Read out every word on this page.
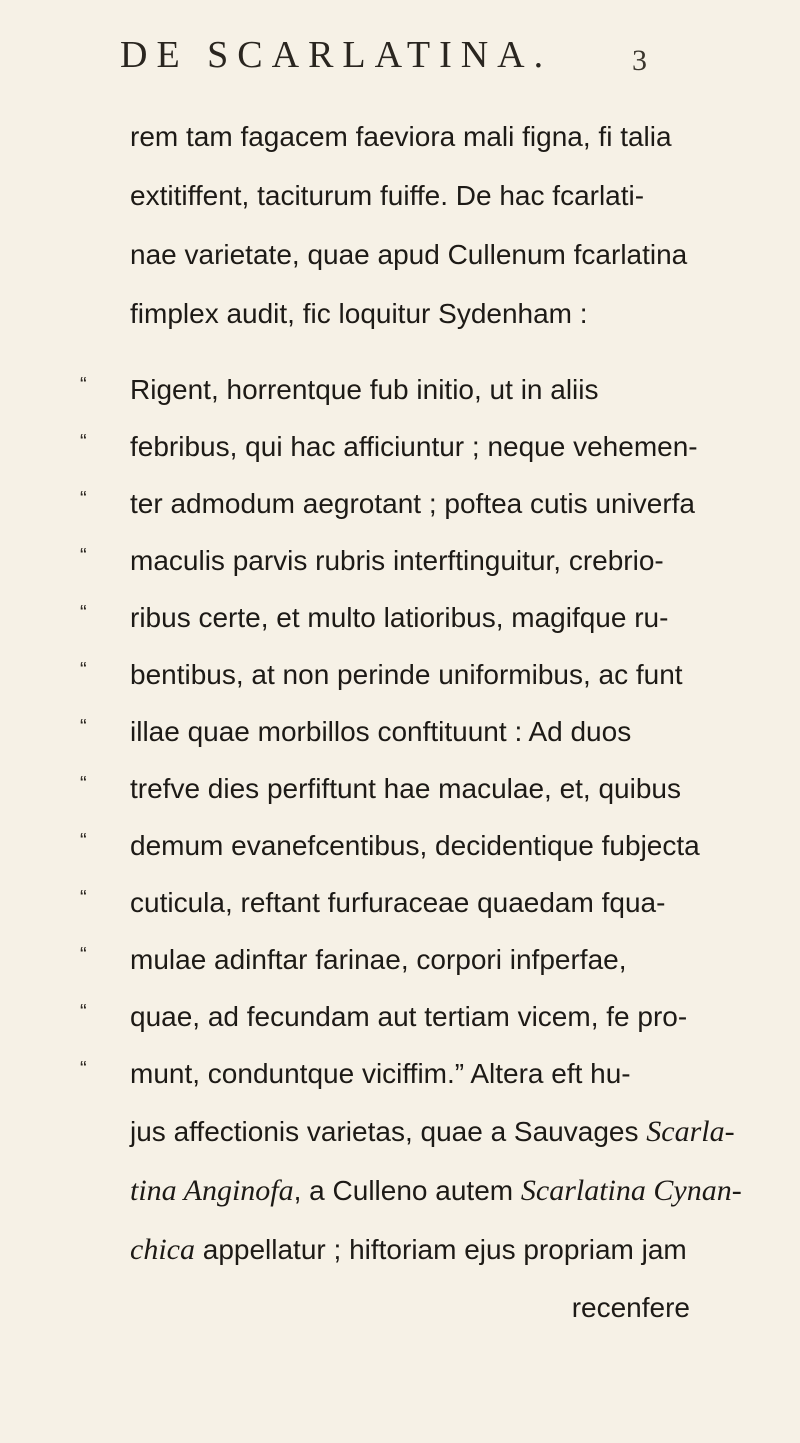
DE SCARLATINA.	3
rem tam fagacem faeviora mali figna, fi talia
extitiffent, taciturum fuiffe. De hac fcarlati-
nae varietate, quae apud Cullenum fcarlatina
fimplex audit, fic loquitur Sydenham :
“ Rigent, horrentque fub initio, ut in aliis
“ febribus, qui hac afficiuntur ; neque vehemen-
“ ter admodum aegrotant ; poftea cutis univerfa
“ maculis parvis rubris interftinguitur, crebrio-
“ ribus certe, et multo latioribus, magifque ru-
“ bentibus, at non perinde uniformibus, ac funt
“ illae quae morbillos conftituunt : Ad duos
“ trefve dies perfiftunt hae maculae, et, quibus
“ demum evanefcentibus, decidentique fubjecta
“ cuticula, reftant furfuraceae quaedam fqua-
“ mulae adinftar farinae, corpori infperfae,
“ quae, ad fecundam aut tertiam vicem, fe pro-
“ munt, conduntque viciffim.” Altera eft hu-
jus affectionis varietas, quae a Sauvages Scarla-
tina Anginofa, a Culleno autem Scarlatina Cynan-
chica appellatur ; hiftoriam ejus propriam jam
recenfere
